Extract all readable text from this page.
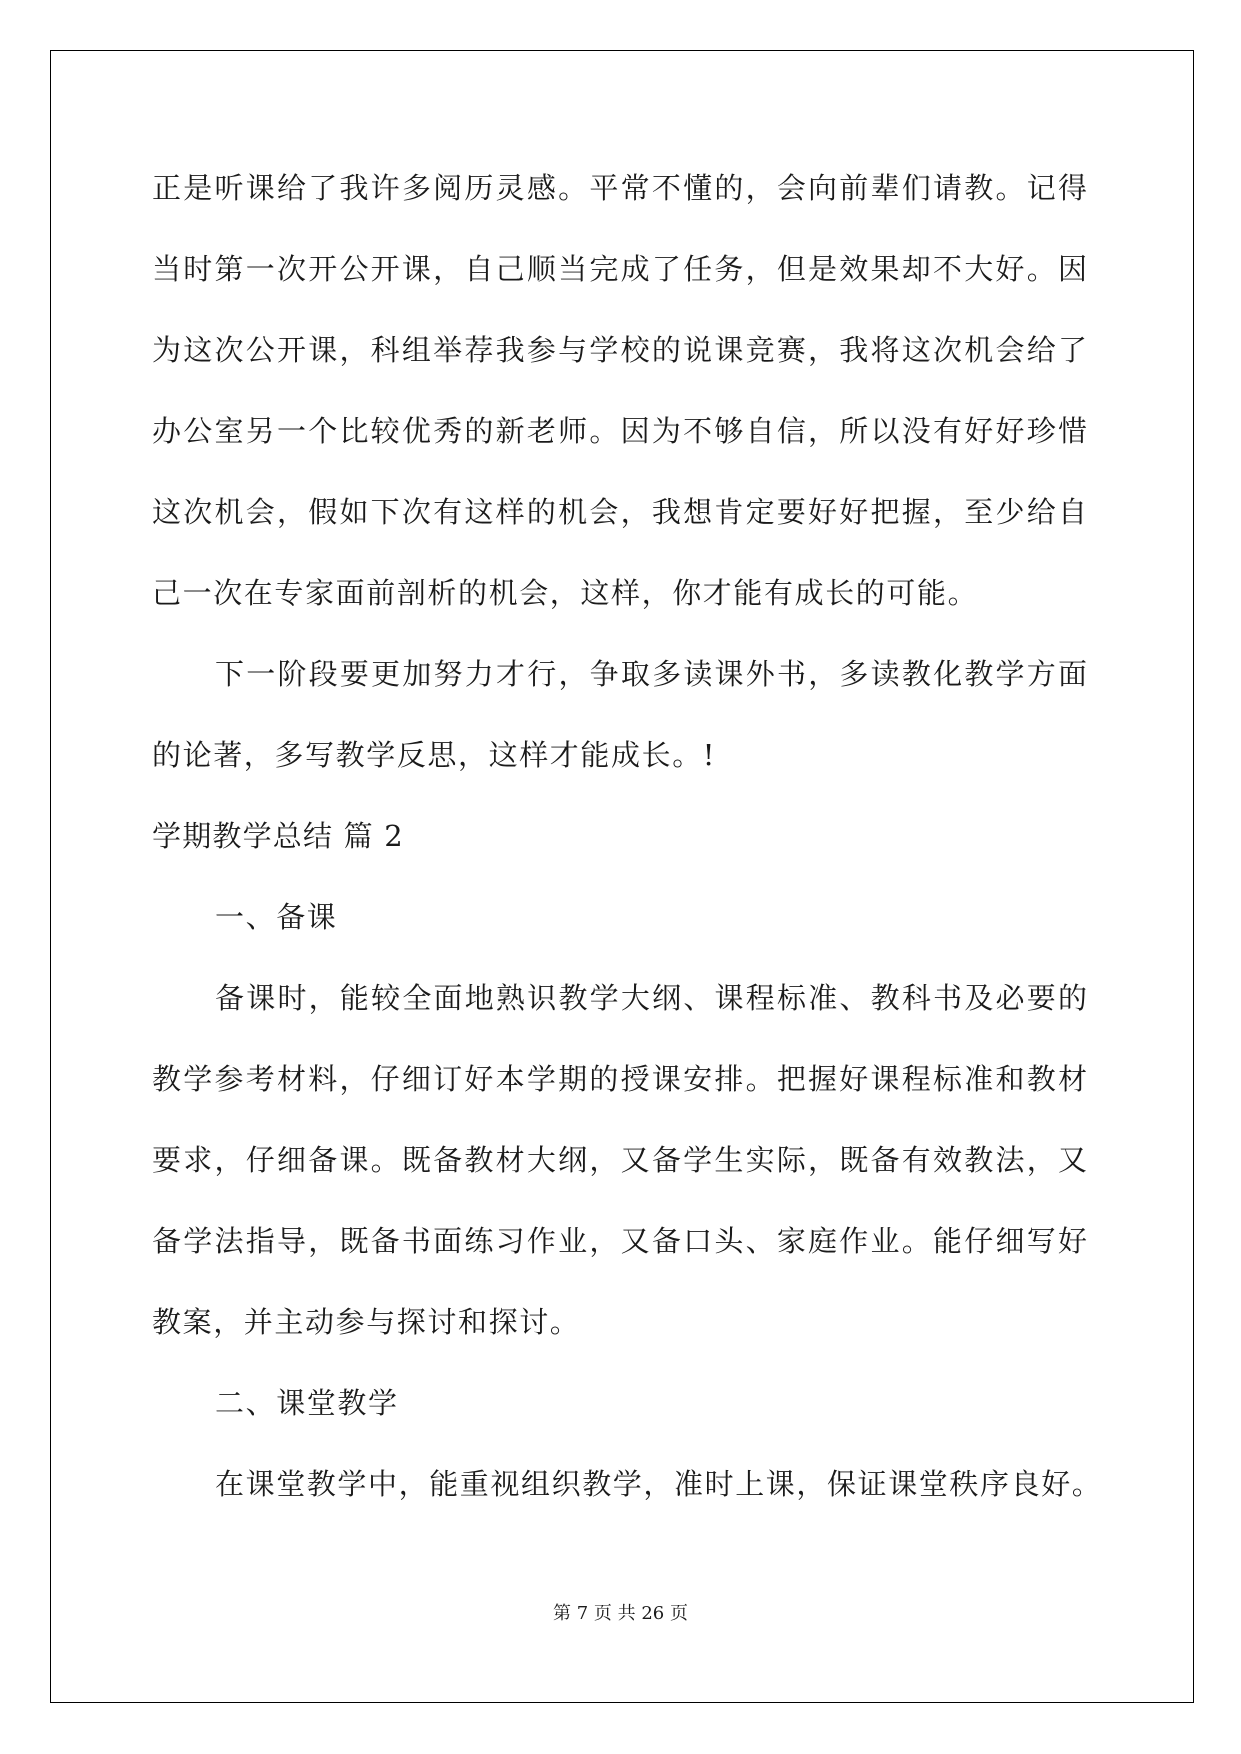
正是听课给了我许多阅历灵感。平常不懂的，会向前辈们请教。记得

当时第一次开公开课，自己顺当完成了任务，但是效果却不大好。因

为这次公开课，科组举荐我参与学校的说课竞赛，我将这次机会给了

办公室另一个比较优秀的新老师。因为不够自信，所以没有好好珍惜

这次机会，假如下次有这样的机会，我想肯定要好好把握，至少给自

己一次在专家面前剖析的机会，这样，你才能有成长的可能。

下一阶段要更加努力才行，争取多读课外书，多读教化教学方面

的论著，多写教学反思，这样才能成长。!

学期教学总结 篇 2

一、备课

备课时，能较全面地熟识教学大纲、课程标准、教科书及必要的

教学参考材料，仔细订好本学期的授课安排。把握好课程标准和教材

要求，仔细备课。既备教材大纲，又备学生实际，既备有效教法，又

备学法指导，既备书面练习作业，又备口头、家庭作业。能仔细写好

教案，并主动参与探讨和探讨。

二、课堂教学

在课堂教学中，能重视组织教学，准时上课，保证课堂秩序良好。

第 7 页 共 26 页
